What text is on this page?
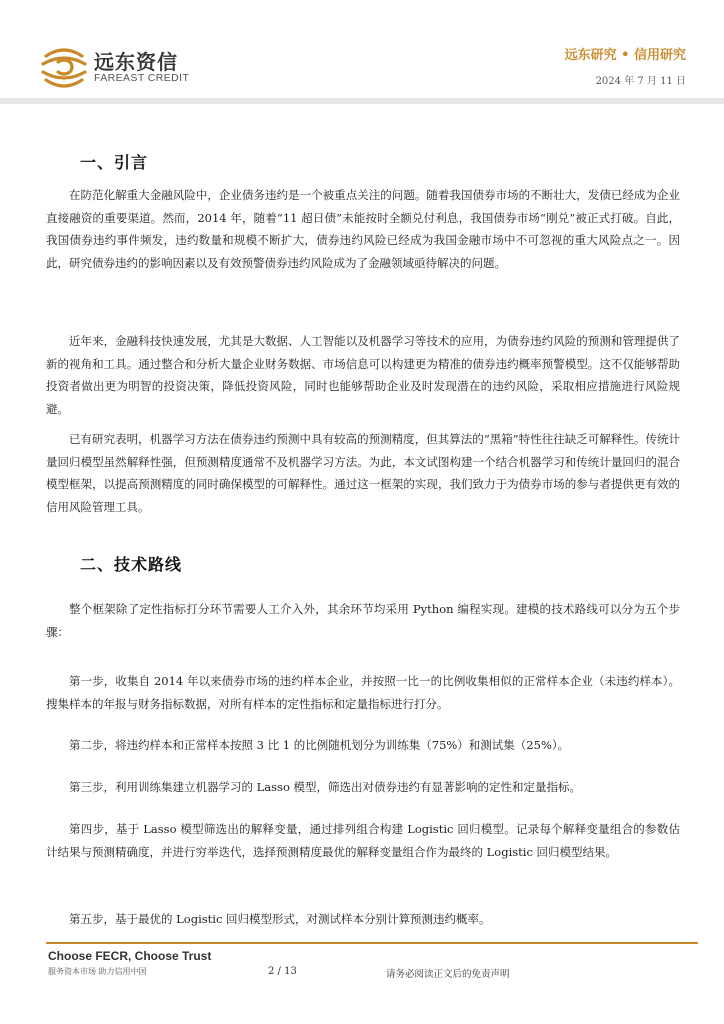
远东资信
FAREAST CREDIT
远东研究 • 信用研究
2024 年 7 月 11 日
一、引言

在防范化解重大金融风险中，企业债务违约是一个被重点关注的问题。随着我国债券市场的不断壮大，发债已经成为企业直接融资的重要渠道。然而，2014 年，随着“11 超日债”未能按时全额兑付利息，我国债券市场“刚兑”被正式打破。自此，我国债券违约事件频发，违约数量和规模不断扩大，债券违约风险已经成为我国金融市场中不可忽视的重大风险点之一。因此，研究债券违约的影响因素以及有效预警债券违约风险成为了金融领域亟待解决的问题。

近年来，金融科技快速发展，尤其是大数据、人工智能以及机器学习等技术的应用，为债券违约风险的预测和管理提供了新的视角和工具。通过整合和分析大量企业财务数据、市场信息可以构建更为精准的债券违约概率预警模型。这不仅能够帮助投资者做出更为明智的投资决策，降低投资风险，同时也能够帮助企业及时发现潜在的违约风险，采取相应措施进行风险规避。

已有研究表明，机器学习方法在债券违约预测中具有较高的预测精度，但其算法的“黑箱”特性往往缺乏可解释性。传统计量回归模型虽然解释性强，但预测精度通常不及机器学习方法。为此，本文试图构建一个结合机器学习和传统计量回归的混合模型框架，以提高预测精度的同时确保模型的可解释性。通过这一框架的实现，我们致力于为债券市场的参与者提供更有效的信用风险管理工具。

二、技术路线

整个框架除了定性指标打分环节需要人工介入外，其余环节均采用 Python 编程实现。建模的技术路线可以分为五个步骤：

第一步，收集自 2014 年以来债券市场的违约样本企业，并按照一比一的比例收集相似的正常样本企业（未违约样本）。搜集样本的年报与财务指标数据，对所有样本的定性指标和定量指标进行打分。

第二步，将违约样本和正常样本按照 3 比 1 的比例随机划分为训练集（75%）和测试集（25%）。

第三步，利用训练集建立机器学习的 Lasso 模型，筛选出对债券违约有显著影响的定性和定量指标。

第四步，基于 Lasso 模型筛选出的解释变量，通过排列组合构建 Logistic 回归模型。记录每个解释变量组合的参数估计结果与预测精确度，并进行穷举迭代，选择预测精度最优的解释变量组合作为最终的 Logistic 回归模型结果。

第五步，基于最优的 Logistic 回归模型形式，对测试样本分别计算预测违约概率。

Choose FECR, Choose Trust
服务资本市场 助力信用中国	2 / 13	请务必阅读正文后的免责声明
